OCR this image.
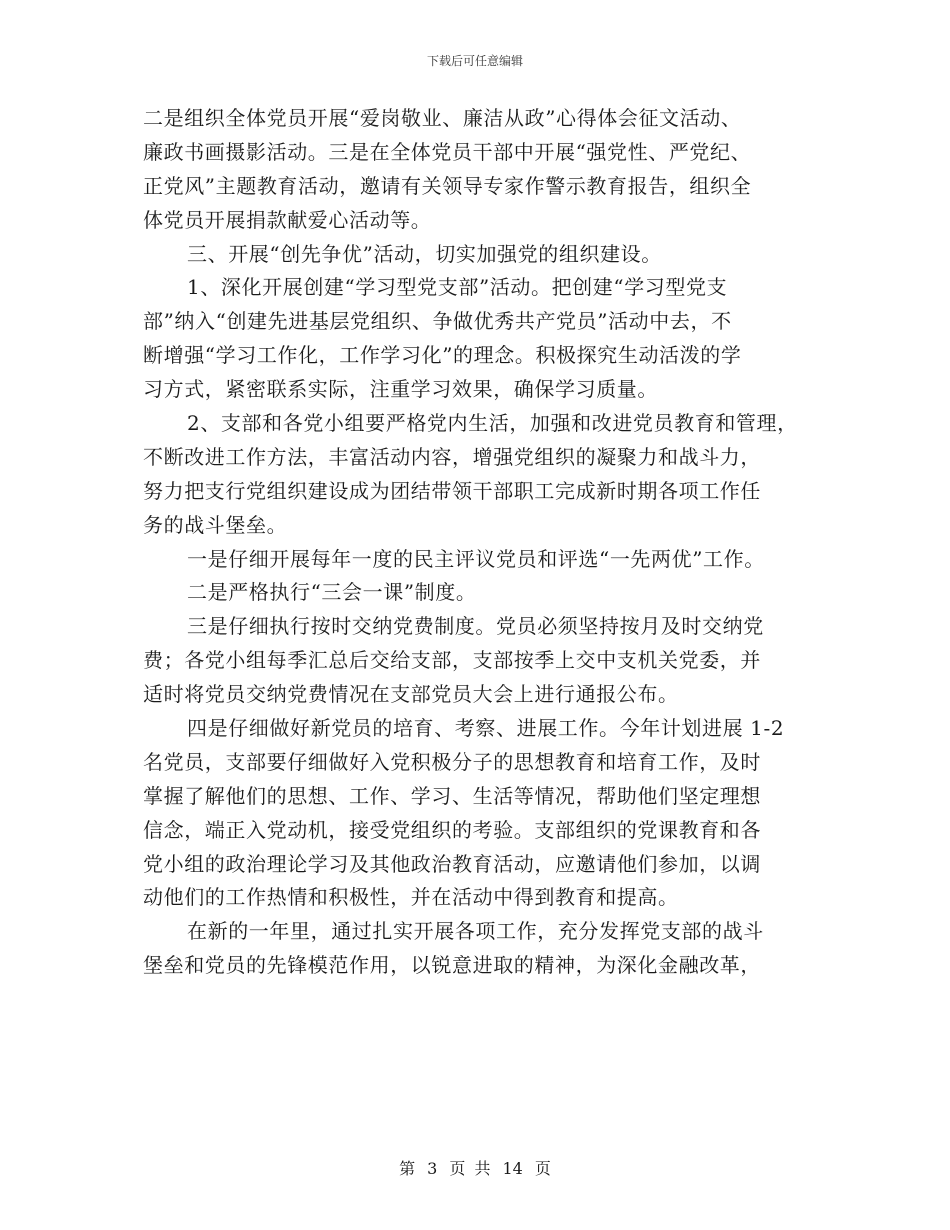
下载后可任意编辑
二是组织全体党员开展“爱岗敬业、廉洁从政”心得体会征文活动、
廉政书画摄影活动。三是在全体党员干部中开展“强党性、严党纪、
正党风”主题教育活动，邀请有关领导专家作警示教育报告，组织全
体党员开展捐款献爱心活动等。
三、开展“创先争优”活动，切实加强党的组织建设。
1、深化开展创建“学习型党支部”活动。把创建“学习型党支
部”纳入“创建先进基层党组织、争做优秀共产党员”活动中去，不
断增强“学习工作化，工作学习化”的理念。积极探究生动活泼的学
习方式，紧密联系实际，注重学习效果，确保学习质量。
2、支部和各党小组要严格党内生活，加强和改进党员教育和管理，
不断改进工作方法，丰富活动内容，增强党组织的凝聚力和战斗力，
努力把支行党组织建设成为团结带领干部职工完成新时期各项工作任
务的战斗堡垒。
一是仔细开展每年一度的民主评议党员和评选“一先两优”工作。
二是严格执行“三会一课”制度。
三是仔细执行按时交纳党费制度。党员必须坚持按月及时交纳党
费；各党小组每季汇总后交给支部，支部按季上交中支机关党委，并
适时将党员交纳党费情况在支部党员大会上进行通报公布。
四是仔细做好新党员的培育、考察、进展工作。今年计划进展 1-2
名党员，支部要仔细做好入党积极分子的思想教育和培育工作，及时
掌握了解他们的思想、工作、学习、生活等情况，帮助他们坚定理想
信念，端正入党动机，接受党组织的考验。支部组织的党课教育和各
党小组的政治理论学习及其他政治教育活动，应邀请他们参加，以调
动他们的工作热情和积极性，并在活动中得到教育和提高。
在新的一年里，通过扎实开展各项工作，充分发挥党支部的战斗
堡垒和党员的先锋模范作用，以锐意进取的精神，为深化金融改革，
第 3 页 共 14 页
